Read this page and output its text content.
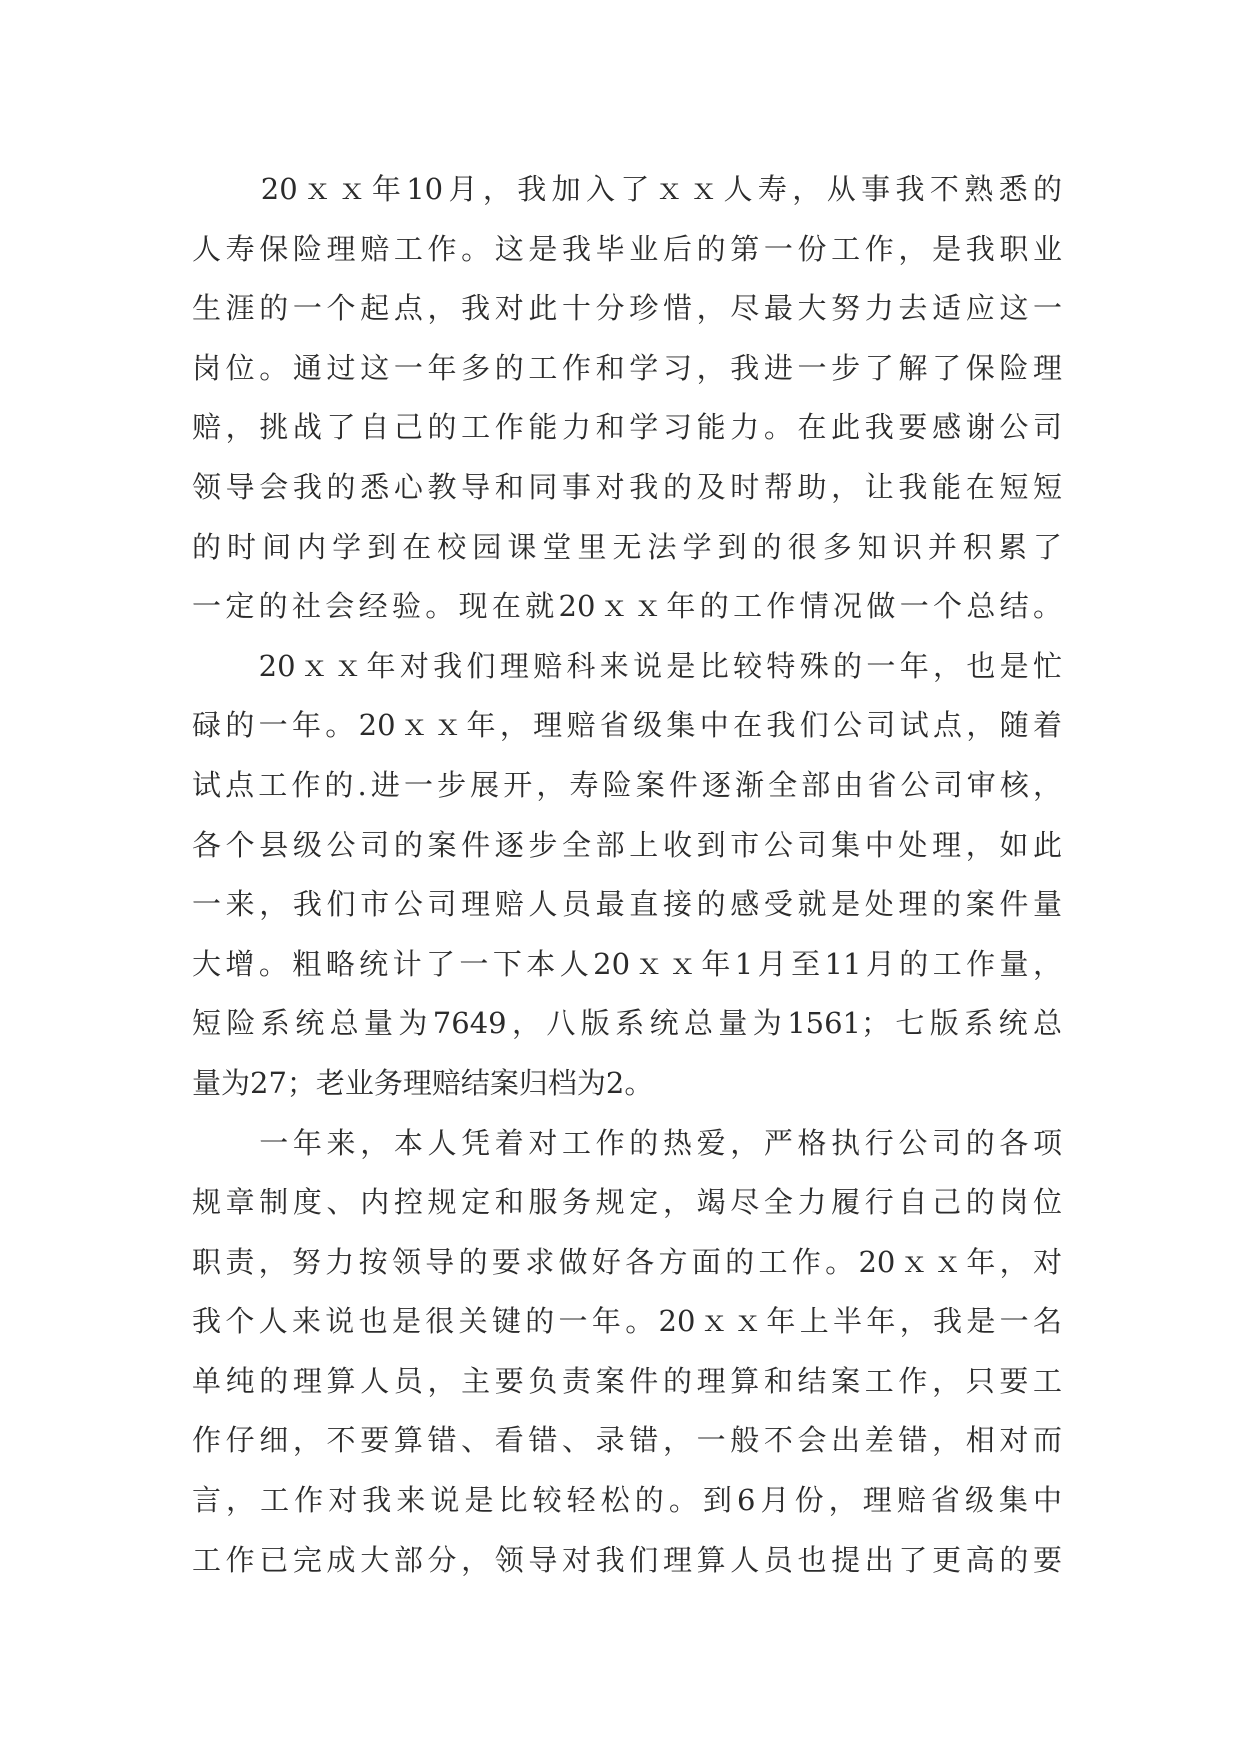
　　20ｘｘ年10月，我加入了ｘｘ人寿，从事我不熟悉的
人寿保险理赔工作。这是我毕业后的第一份工作，是我职业
生涯的一个起点，我对此十分珍惜，尽最大努力去适应这一
岗位。通过这一年多的工作和学习，我进一步了解了保险理
赔，挑战了自己的工作能力和学习能力。在此我要感谢公司
领导会我的悉心教导和同事对我的及时帮助，让我能在短短
的时间内学到在校园课堂里无法学到的很多知识并积累了
一定的社会经验。现在就20ｘｘ年的工作情况做一个总结。
　　20ｘｘ年对我们理赔科来说是比较特殊的一年，也是忙
碌的一年。20ｘｘ年，理赔省级集中在我们公司试点，随着
试点工作的.进一步展开，寿险案件逐渐全部由省公司审核，
各个县级公司的案件逐步全部上收到市公司集中处理，如此
一来，我们市公司理赔人员最直接的感受就是处理的案件量
大增。粗略统计了一下本人20ｘｘ年1月至11月的工作量，
短险系统总量为7649，八版系统总量为1561；七版系统总
量为27；老业务理赔结案归档为2。
　　一年来，本人凭着对工作的热爱，严格执行公司的各项
规章制度、内控规定和服务规定，竭尽全力履行自己的岗位
职责，努力按领导的要求做好各方面的工作。20ｘｘ年，对
我个人来说也是很关键的一年。20ｘｘ年上半年，我是一名
单纯的理算人员，主要负责案件的理算和结案工作，只要工
作仔细，不要算错、看错、录错，一般不会出差错，相对而
言，工作对我来说是比较轻松的。到6月份，理赔省级集中
工作已完成大部分，领导对我们理算人员也提出了更高的要
